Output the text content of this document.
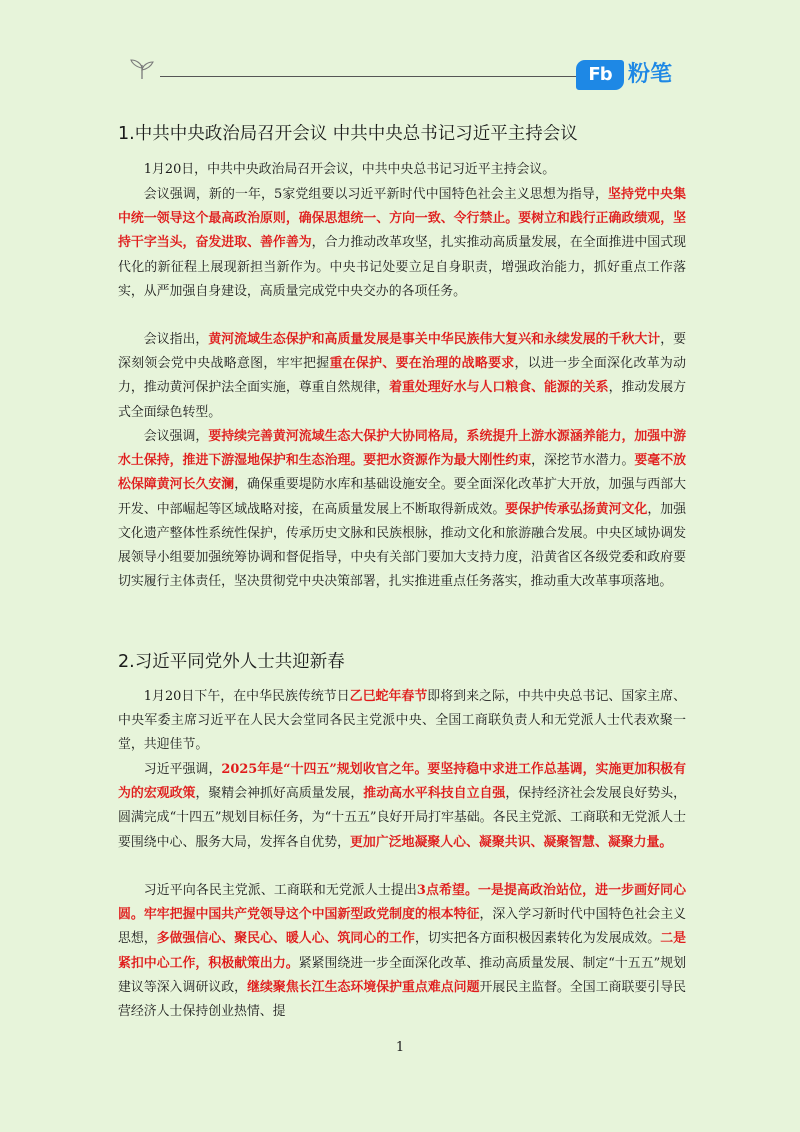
Fb 粉笔
1.中共中央政治局召开会议 中共中央总书记习近平主持会议

1月20日，中共中央政治局召开会议，中共中央总书记习近平主持会议。

会议强调，新的一年，5家党组要以习近平新时代中国特色社会主义思想为指导，坚持党中央集中统一领导这个最高政治原则，确保思想统一、方向一致、令行禁止。要树立和践行正确政绩观，坚持干字当头，奋发进取、善作善为，合力推动改革攻坚，扎实推动高质量发展，在全面推进中国式现代化的新征程上展现新担当新作为。中央书记处要立足自身职责，增强政治能力，抓好重点工作落实，从严加强自身建设，高质量完成党中央交办的各项任务。

会议指出，黄河流域生态保护和高质量发展是事关中华民族伟大复兴和永续发展的千秋大计，要深刻领会党中央战略意图，牢牢把握重在保护、要在治理的战略要求，以进一步全面深化改革为动力，推动黄河保护法全面实施，尊重自然规律，着重处理好水与人口粮食、能源的关系，推动发展方式全面绿色转型。

会议强调，要持续完善黄河流域生态大保护大协同格局，系统提升上游水源涵养能力，加强中游水土保持，推进下游湿地保护和生态治理。要把水资源作为最大刚性约束，深挖节水潜力。要毫不放松保障黄河长久安澜，确保重要堤防水库和基础设施安全。要全面深化改革扩大开放，加强与西部大开发、中部崛起等区域战略对接，在高质量发展上不断取得新成效。要保护传承弘扬黄河文化，加强文化遗产整体性系统性保护，传承历史文脉和民族根脉，推动文化和旅游融合发展。中央区域协调发展领导小组要加强统筹协调和督促指导，中央有关部门要加大支持力度，沿黄省区各级党委和政府要切实履行主体责任，坚决贯彻党中央决策部署，扎实推进重点任务落实，推动重大改革事项落地。

2.习近平同党外人士共迎新春

1月20日下午，在中华民族传统节日乙巳蛇年春节即将到来之际，中共中央总书记、国家主席、中央军委主席习近平在人民大会堂同各民主党派中央、全国工商联负责人和无党派人士代表欢聚一堂，共迎佳节。

习近平强调，2025年是“十四五”规划收官之年。要坚持稳中求进工作总基调，实施更加积极有为的宏观政策，聚精会神抓好高质量发展，推动高水平科技自立自强，保持经济社会发展良好势头，圆满完成“十四五”规划目标任务，为“十五五”良好开局打牢基础。各民主党派、工商联和无党派人士要围绕中心、服务大局，发挥各自优势，更加广泛地凝聚人心、凝聚共识、凝聚智慧、凝聚力量。

习近平向各民主党派、工商联和无党派人士提出3点希望。一是提高政治站位，进一步画好同心圆。牢牢把握中国共产党领导这个中国新型政党制度的根本特征，深入学习新时代中国特色社会主义思想，多做强信心、聚民心、暖人心、筑同心的工作，切实把各方面积极因素转化为发展成效。二是紧扣中心工作，积极献策出力。紧紧围绕进一步全面深化改革、推动高质量发展、制定“十五五”规划建议等深入调研议政，继续聚焦长江生态环境保护重点难点问题开展民主监督。全国工商联要引导民营经济人士保持创业热情、提

1
